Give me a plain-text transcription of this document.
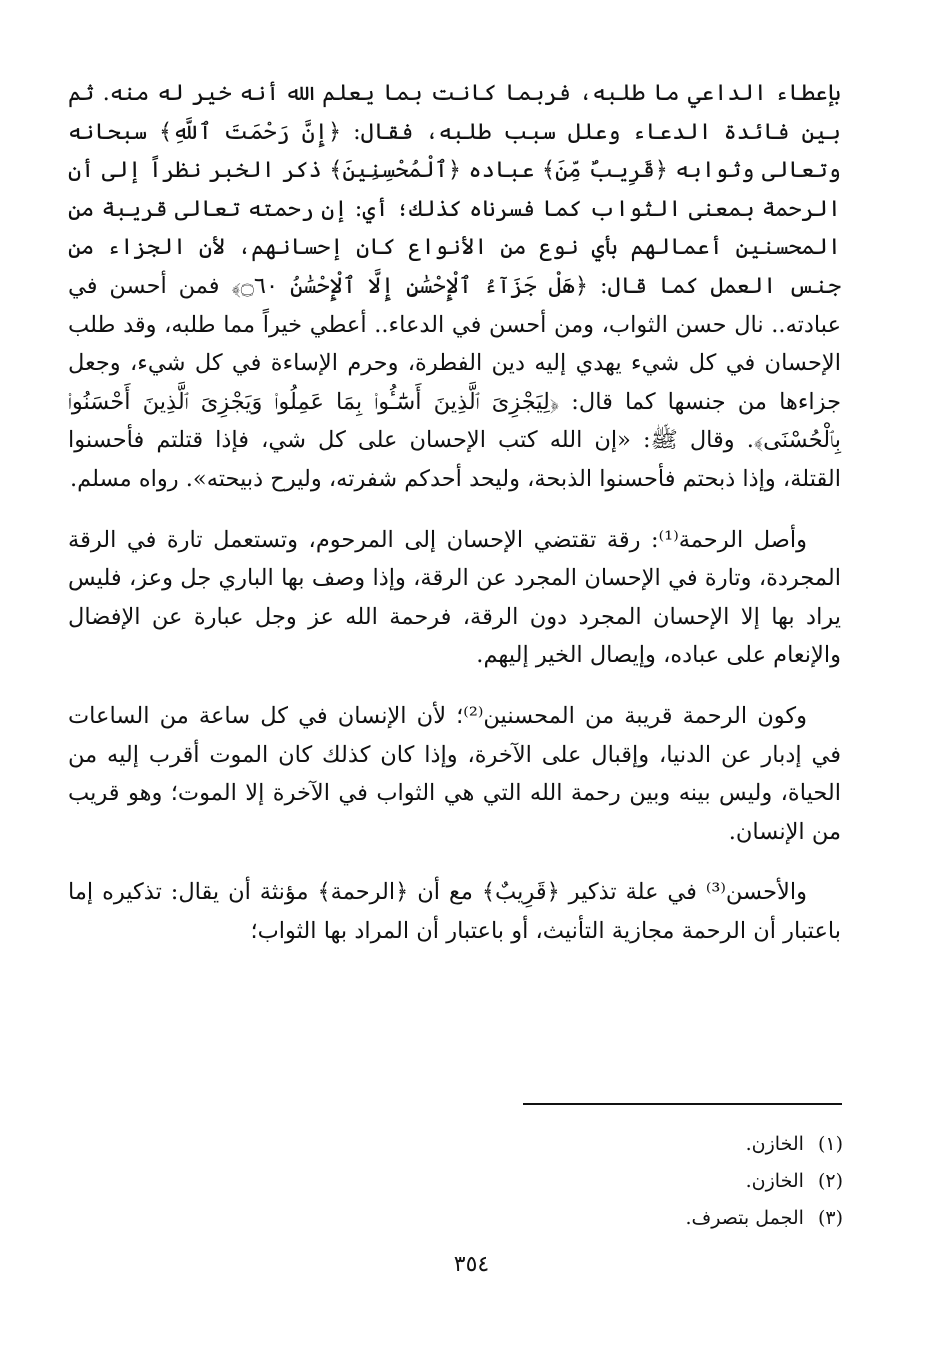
بإعطاء الداعي ما طلبه، فربما كانت بما يعلم الله أنه خير له منه. ثم بين فائدة الدعاء وعلل سبب طلبه، فقال: ﴿إِنَّ رَحْمَتَ ٱللَّهِ﴾ سبحانه وتعالى وثوابه ﴿قَرِيبٌ مِّنَ﴾ عباده ﴿ٱلْمُحْسِنِينَ﴾ ذكر الخبر نظراً إلى أن الرحمة بمعنى الثواب كما فسرناه كذلك؛ أي: إن رحمته تعالى قريبة من المحسنين أعمالهم بأي نوع من الأنواع كان إحسانهم، لأن الجزاء من جنس العمل كما قال: ﴿هَلْ جَزَآءُ ٱلْإِحْسَٰنِ إِلَّا ٱلْإِحْسَٰنُ ۝٦٠﴾ فمن أحسن في عبادته.. نال حسن الثواب، ومن أحسن في الدعاء.. أعطي خيراً مما طلبه، وقد طلب الإحسان في كل شيء يهدي إليه دين الفطرة، وحرم الإساءة في كل شيء، وجعل جزاءها من جنسها كما قال: ﴿لِيَجْزِىَ ٱلَّذِينَ أَسَٰٓـُٔوا۟ بِمَا عَمِلُوا۟ وَيَجْزِىَ ٱلَّذِينَ أَحْسَنُوا۟ بِٱلْحُسْنَى﴾. وقال ﷺ: «إن الله كتب الإحسان على كل شي، فإذا قتلتم فأحسنوا القتلة، وإذا ذبحتم فأحسنوا الذبحة، وليحد أحدكم شفرته، وليرح ذبيحته». رواه مسلم.

وأصل الرحمة⁽¹⁾: رقة تقتضي الإحسان إلى المرحوم، وتستعمل تارة في الرقة المجردة، وتارة في الإحسان المجرد عن الرقة، وإذا وصف بها الباري جل وعز، فليس يراد بها إلا الإحسان المجرد دون الرقة، فرحمة الله عز وجل عبارة عن الإفضال والإنعام على عباده، وإيصال الخير إليهم.

وكون الرحمة قريبة من المحسنين⁽²⁾؛ لأن الإنسان في كل ساعة من الساعات في إدبار عن الدنيا، وإقبال على الآخرة، وإذا كان كذلك كان الموت أقرب إليه من الحياة، وليس بينه وبين رحمة الله التي هي الثواب في الآخرة إلا الموت؛ وهو قريب من الإنسان.

والأحسن⁽³⁾ في علة تذكير ﴿قَرِيبٌ﴾ مع أن ﴿الرحمة﴾ مؤنثة أن يقال: تذكيره إما باعتبار أن الرحمة مجازية التأنيث، أو باعتبار أن المراد بها الثواب؛

(١)الخازن.
(٢)الخازن.
(٣)الجمل بتصرف.
٣٥٤
